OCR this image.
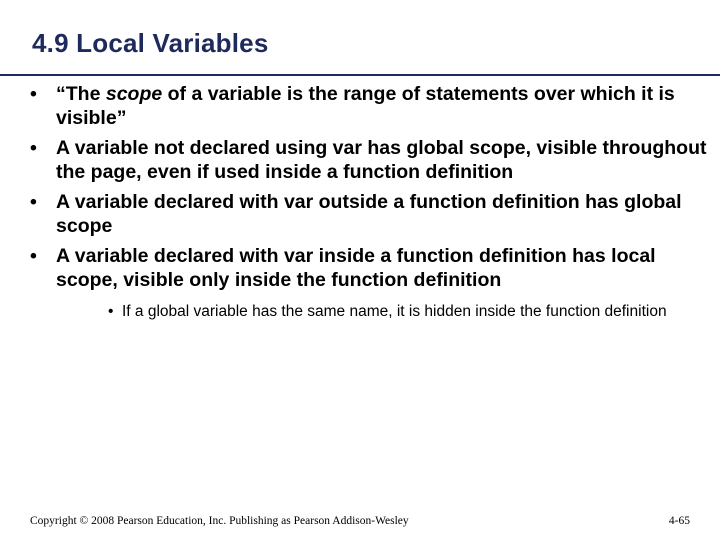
4.9 Local Variables
• “The scope of a variable is the range of statements over which it is visible”
• A variable not declared using var has global scope, visible throughout the page, even if used inside a function definition
• A variable declared with var outside a function definition has global scope
• A variable declared with var inside a function definition has local scope, visible only inside the function definition
• If a global variable has the same name, it is hidden inside the function definition
Copyright © 2008 Pearson Education, Inc. Publishing as Pearson Addison-Wesley	4-65
